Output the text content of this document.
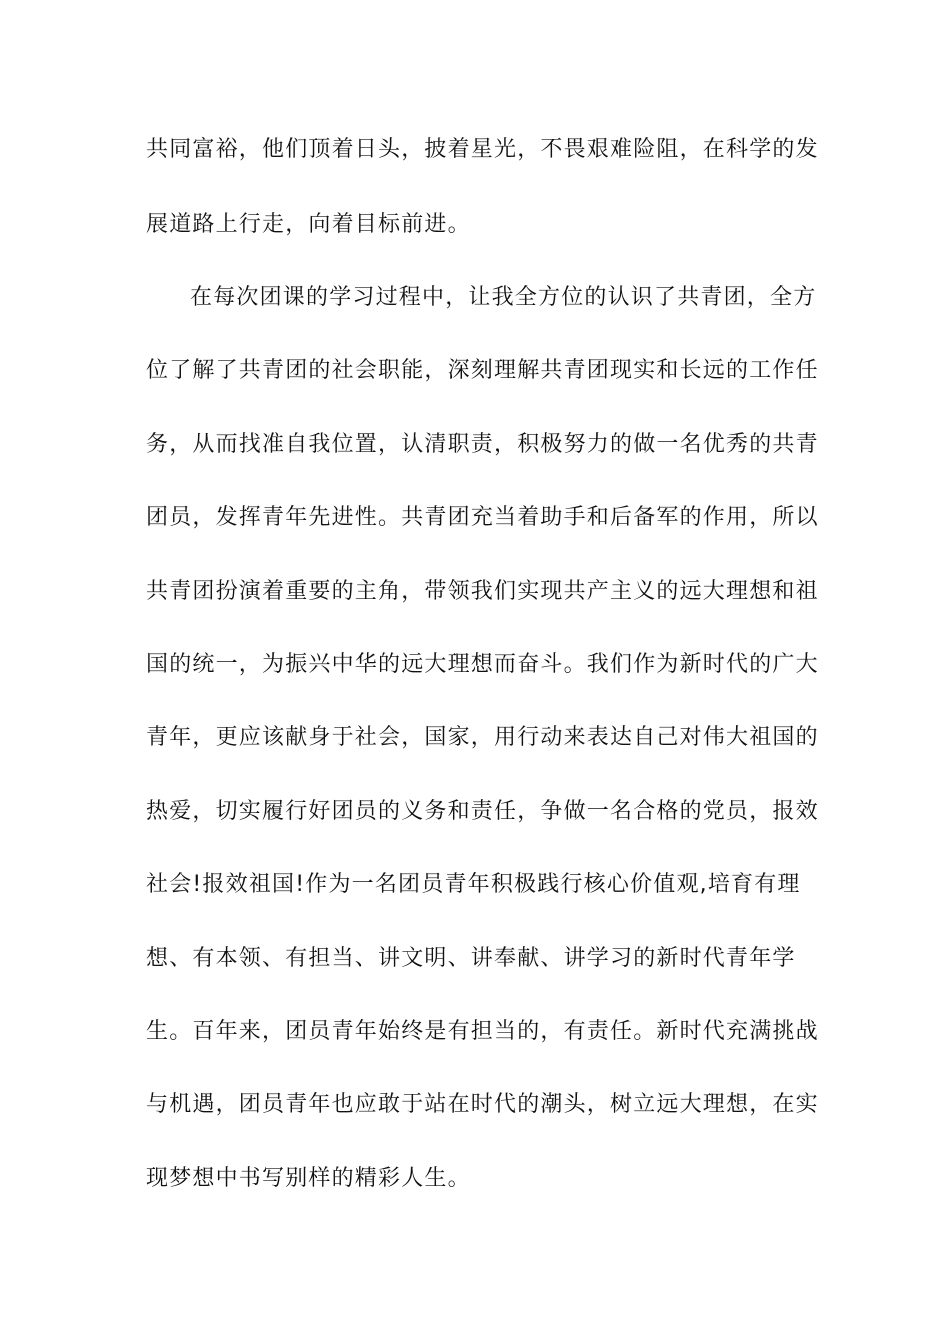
共同富裕，他们顶着日头，披着星光，不畏艰难险阻，在科学的发
展道路上行走，向着目标前进。
在每次团课的学习过程中，让我全方位的认识了共青团，全方
位了解了共青团的社会职能，深刻理解共青团现实和长远的工作任
务，从而找准自我位置，认清职责，积极努力的做一名优秀的共青
团员，发挥青年先进性。共青团充当着助手和后备军的作用，所以
共青团扮演着重要的主角，带领我们实现共产主义的远大理想和祖
国的统一，为振兴中华的远大理想而奋斗。我们作为新时代的广大
青年，更应该献身于社会，国家，用行动来表达自己对伟大祖国的
热爱，切实履行好团员的义务和责任，争做一名合格的党员，报效
社会!报效祖国!作为一名团员青年积极践行核心价值观,培育有理
想、有本领、有担当、讲文明、讲奉献、讲学习的新时代青年学
生。百年来，团员青年始终是有担当的，有责任。新时代充满挑战
与机遇，团员青年也应敢于站在时代的潮头，树立远大理想，在实
现梦想中书写别样的精彩人生。
